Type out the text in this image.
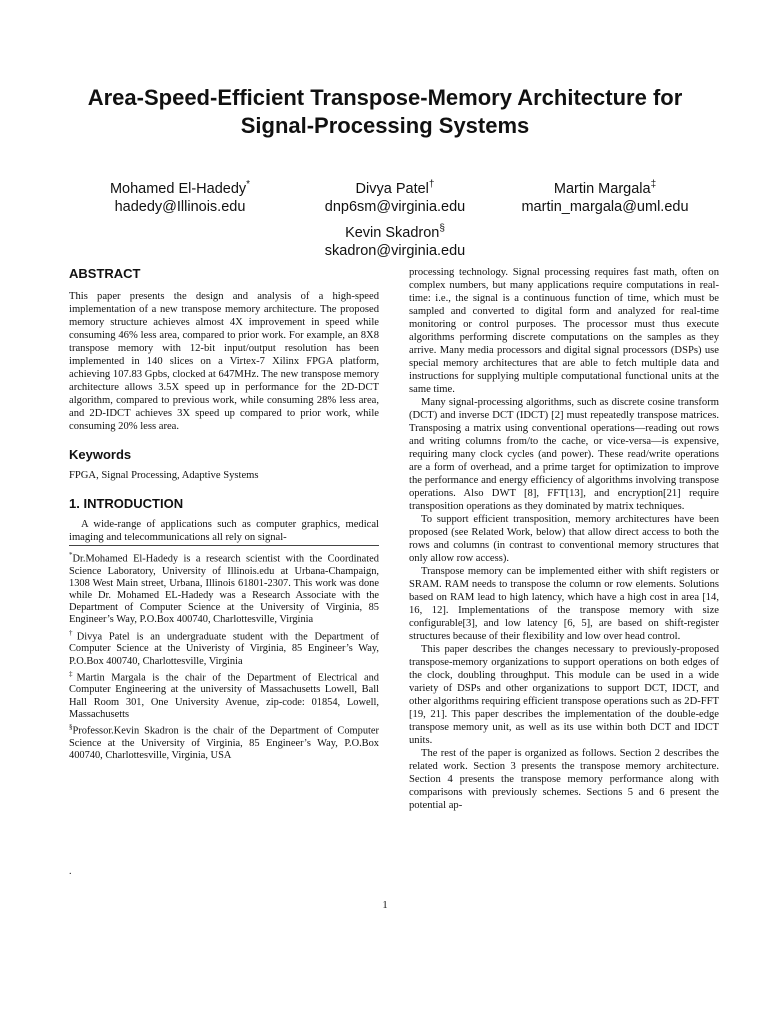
Area-Speed-Efficient Transpose-Memory Architecture for
Signal-Processing Systems
Mohamed El-Hadedy*
hadedy@Illinois.edu
Divya Patel†
dnp6sm@virginia.edu
Martin Margala‡
martin_margala@uml.edu
Kevin Skadron§
skadron@virginia.edu
ABSTRACT

This paper presents the design and analysis of a high-speed implementation of a new transpose memory architecture. The proposed memory structure achieves almost 4X improvement in speed while consuming 46% less area, compared to prior work. For example, an 8X8 transpose memory with 12-bit input/output resolution has been implemented in 140 slices on a Virtex-7 Xilinx FPGA platform, achieving 107.83 Gpbs, clocked at 647MHz. The new transpose memory architecture allows 3.5X speed up in performance for the 2D-DCT algorithm, compared to previous work, while consuming 28% less area, and 2D-IDCT achieves 3X speed up compared to prior work, while consuming 20% less area.

Keywords

FPGA, Signal Processing, Adaptive Systems

1. INTRODUCTION

A wide-range of applications such as computer graphics, medical imaging and telecommunications all rely on signal-

*Dr.Mohamed El-Hadedy is a research scientist with the Coordinated Science Laboratory, University of Illinois.edu at Urbana-Champaign, 1308 West Main street, Urbana, Illinois 61801-2307. This work was done while Dr. Mohamed EL-Hadedy was a Research Associate with the Department of Computer Science at the University of Virginia, 85 Engineer’s Way, P.O.Box 400740, Charlottesville, Virginia

†Divya Patel is an undergraduate student with the Department of Computer Science at the Univeristy of Virginia, 85 Engineer’s Way, P.O.Box 400740, Charlottesville, Virginia

‡Martin Margala is the chair of the Department of Electrical and Computer Engineering at the university of Massachusetts Lowell, Ball Hall Room 301, One University Avenue, zip-code: 01854, Lowell, Massachusetts

§Professor.Kevin Skadron is the chair of the Department of Computer Science at the University of Virginia, 85 Engineer’s Way, P.O.Box 400740, Charlottesville, Virginia, USA

processing technology. Signal processing requires fast math, often on complex numbers, but many applications require computations in real-time: i.e., the signal is a continuous function of time, which must be sampled and converted to digital form and analyzed for real-time monitoring or control purposes. The processor must thus execute algorithms performing discrete computations on the samples as they arrive. Many media processors and digital signal processors (DSPs) use special memory architectures that are able to fetch multiple data and instructions for supplying multiple computational functional units at the same time.

Many signal-processing algorithms, such as discrete cosine transform (DCT) and inverse DCT (IDCT) [2] must repeatedly transpose matrices. Transposing a matrix using conventional operations—reading out rows and writing columns from/to the cache, or vice-versa—is expensive, requiring many clock cycles (and power). These read/write operations are a form of overhead, and a prime target for optimization to improve the performance and energy efficiency of algorithms involving transpose operations. Also DWT [8], FFT[13], and encryption[21] require transposition operations as they dominated by matrix techniques.

To support efficient transposition, memory architectures have been proposed (see Related Work, below) that allow direct access to both the rows and columns (in contrast to conventional memory structures that only allow row access).

Transpose memory can be implemented either with shift registers or SRAM. RAM needs to transpose the column or row elements. Solutions based on RAM lead to high latency, which have a high cost in area [14, 16, 12]. Implementations of the transpose memory with size configurable[3], and low latency [6, 5], are based on shift-register structures because of their flexibility and low over head control.

This paper describes the changes necessary to previously-proposed transpose-memory organizations to support operations on both edges of the clock, doubling throughput. This module can be used in a wide variety of DSPs and other organizations to support DCT, IDCT, and other algorithms requiring efficient transpose operations such as 2D-FFT [19, 21]. This paper describes the implementation of the double-edge transpose memory unit, as well as its use within both DCT and IDCT units.

The rest of the paper is organized as follows. Section 2 describes the related work. Section 3 presents the transpose memory architecture. Section 4 presents the transpose memory performance along with comparisons with previously schemes. Sections 5 and 6 present the potential ap-

.
1
